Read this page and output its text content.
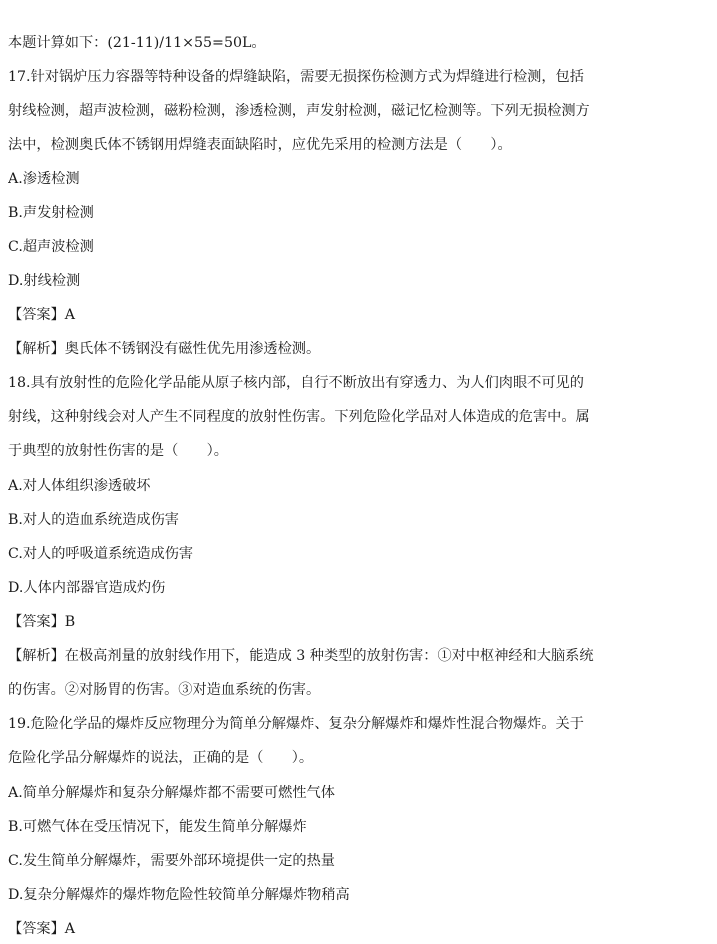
本题计算如下：(21-11)/11×55=50L。
17.针对锅炉压力容器等特种设备的焊缝缺陷，需要无损探伤检测方式为焊缝进行检测，包括
射线检测，超声波检测，磁粉检测，渗透检测，声发射检测，磁记忆检测等。下列无损检测方
法中，检测奥氏体不锈钢用焊缝表面缺陷时，应优先采用的检测方法是（　　）。
A.渗透检测
B.声发射检测
C.超声波检测
D.射线检测
【答案】A
【解析】奥氏体不锈钢没有磁性优先用渗透检测。
18.具有放射性的危险化学品能从原子核内部，自行不断放出有穿透力、为人们肉眼不可见的
射线，这种射线会对人产生不同程度的放射性伤害。下列危险化学品对人体造成的危害中。属
于典型的放射性伤害的是（　　）。
A.对人体组织渗透破坏
B.对人的造血系统造成伤害
C.对人的呼吸道系统造成伤害
D.人体内部器官造成灼伤
【答案】B
【解析】在极高剂量的放射线作用下，能造成 3 种类型的放射伤害：①对中枢神经和大脑系统
的伤害。②对肠胃的伤害。③对造血系统的伤害。
19.危险化学品的爆炸反应物理分为简单分解爆炸、复杂分解爆炸和爆炸性混合物爆炸。关于
危险化学品分解爆炸的说法，正确的是（　　）。
A.简单分解爆炸和复杂分解爆炸都不需要可燃性气体
B.可燃气体在受压情况下，能发生简单分解爆炸
C.发生简单分解爆炸，需要外部环境提供一定的热量
D.复杂分解爆炸的爆炸物危险性较简单分解爆炸物稍高
【答案】A
